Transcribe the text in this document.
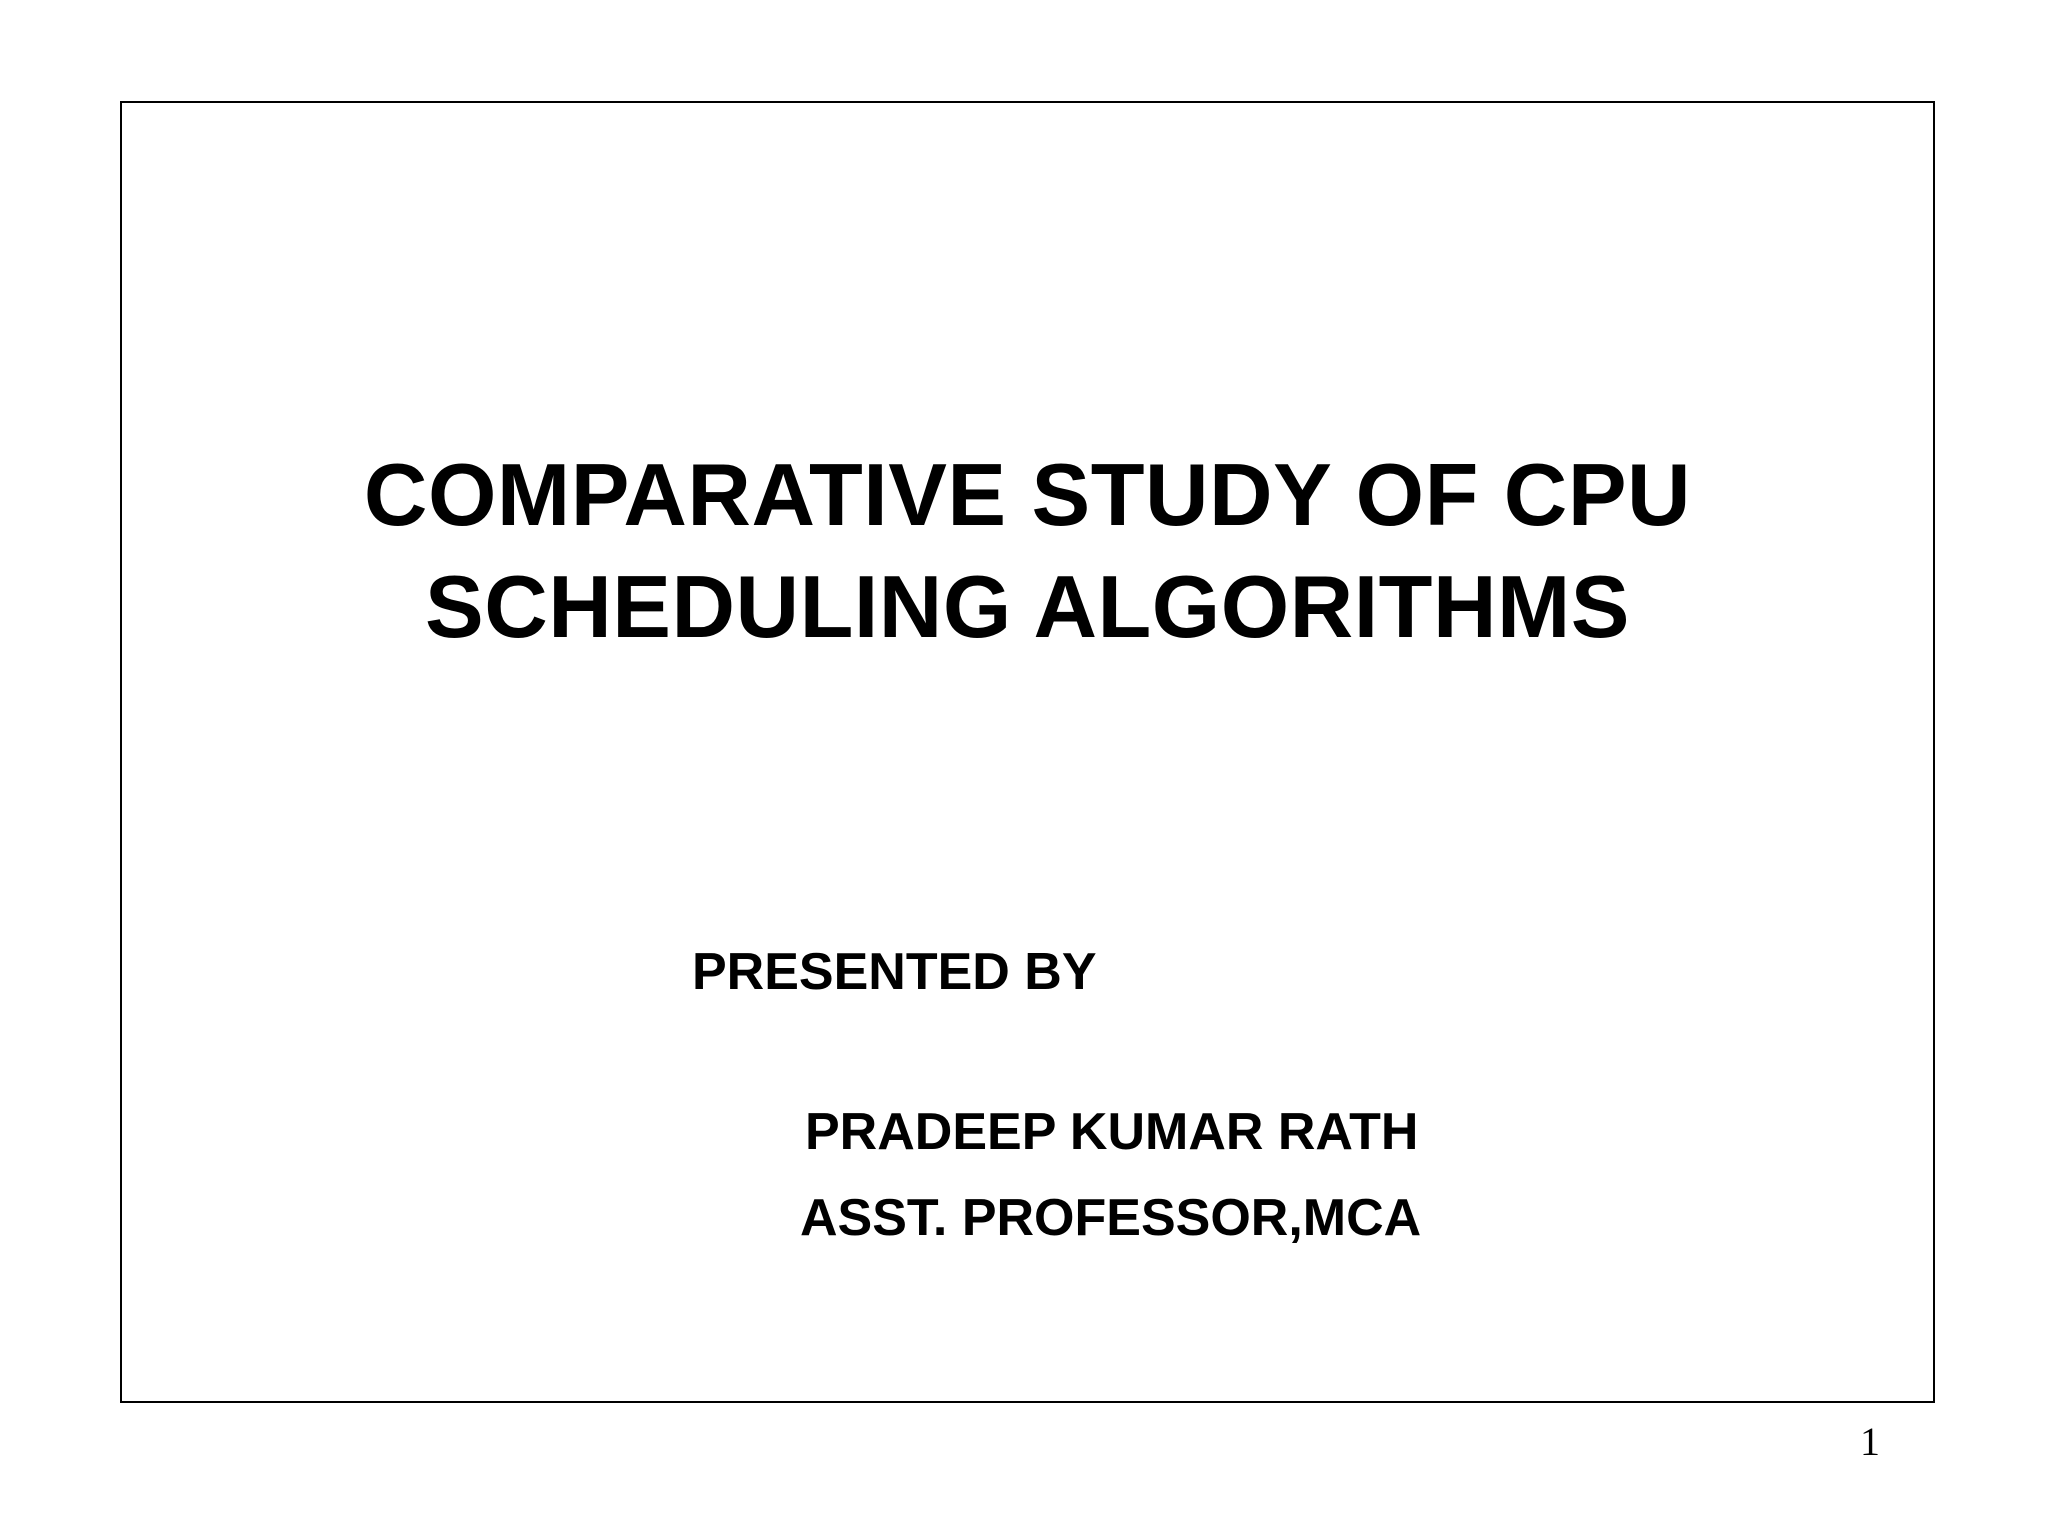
COMPARATIVE STUDY OF CPU
SCHEDULING ALGORITHMS
PRESENTED BY
PRADEEP KUMAR RATH
ASST. PROFESSOR,MCA
1
